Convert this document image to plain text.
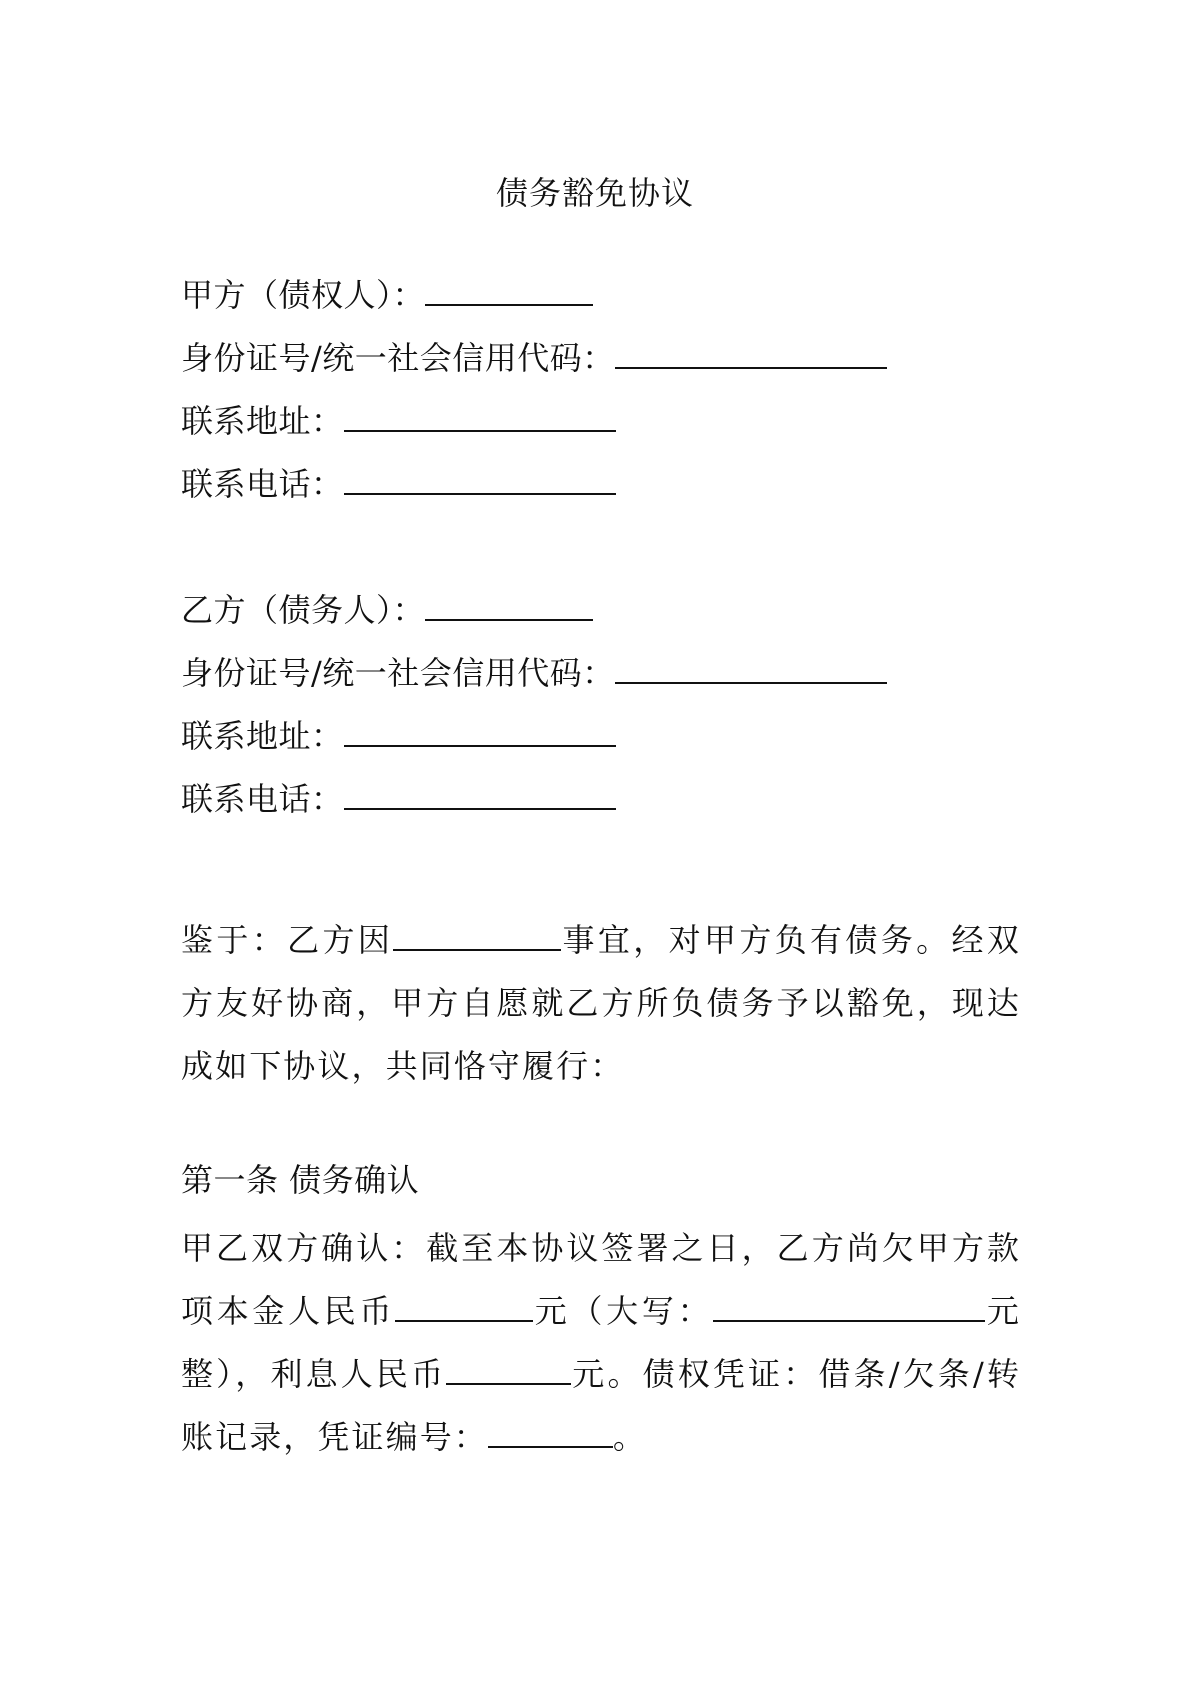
债务豁免协议
甲方（债权人）：
身份证号/统一社会信用代码：
联系地址：
联系电话：
乙方（债务人）：
身份证号/统一社会信用代码：
联系地址：
联系电话：
鉴于：乙方因	事宜，对甲方负有债务。经双方友好协商，甲方自愿就乙方所负债务予以豁免，现达成如下协议，共同恪守履行：
第一条 债务确认
甲乙双方确认：截至本协议签署之日，乙方尚欠甲方款项本金人民币	元（大写：	元整），利息人民币	元。债权凭证：借条/欠条/转账记录，凭证编号：	。
